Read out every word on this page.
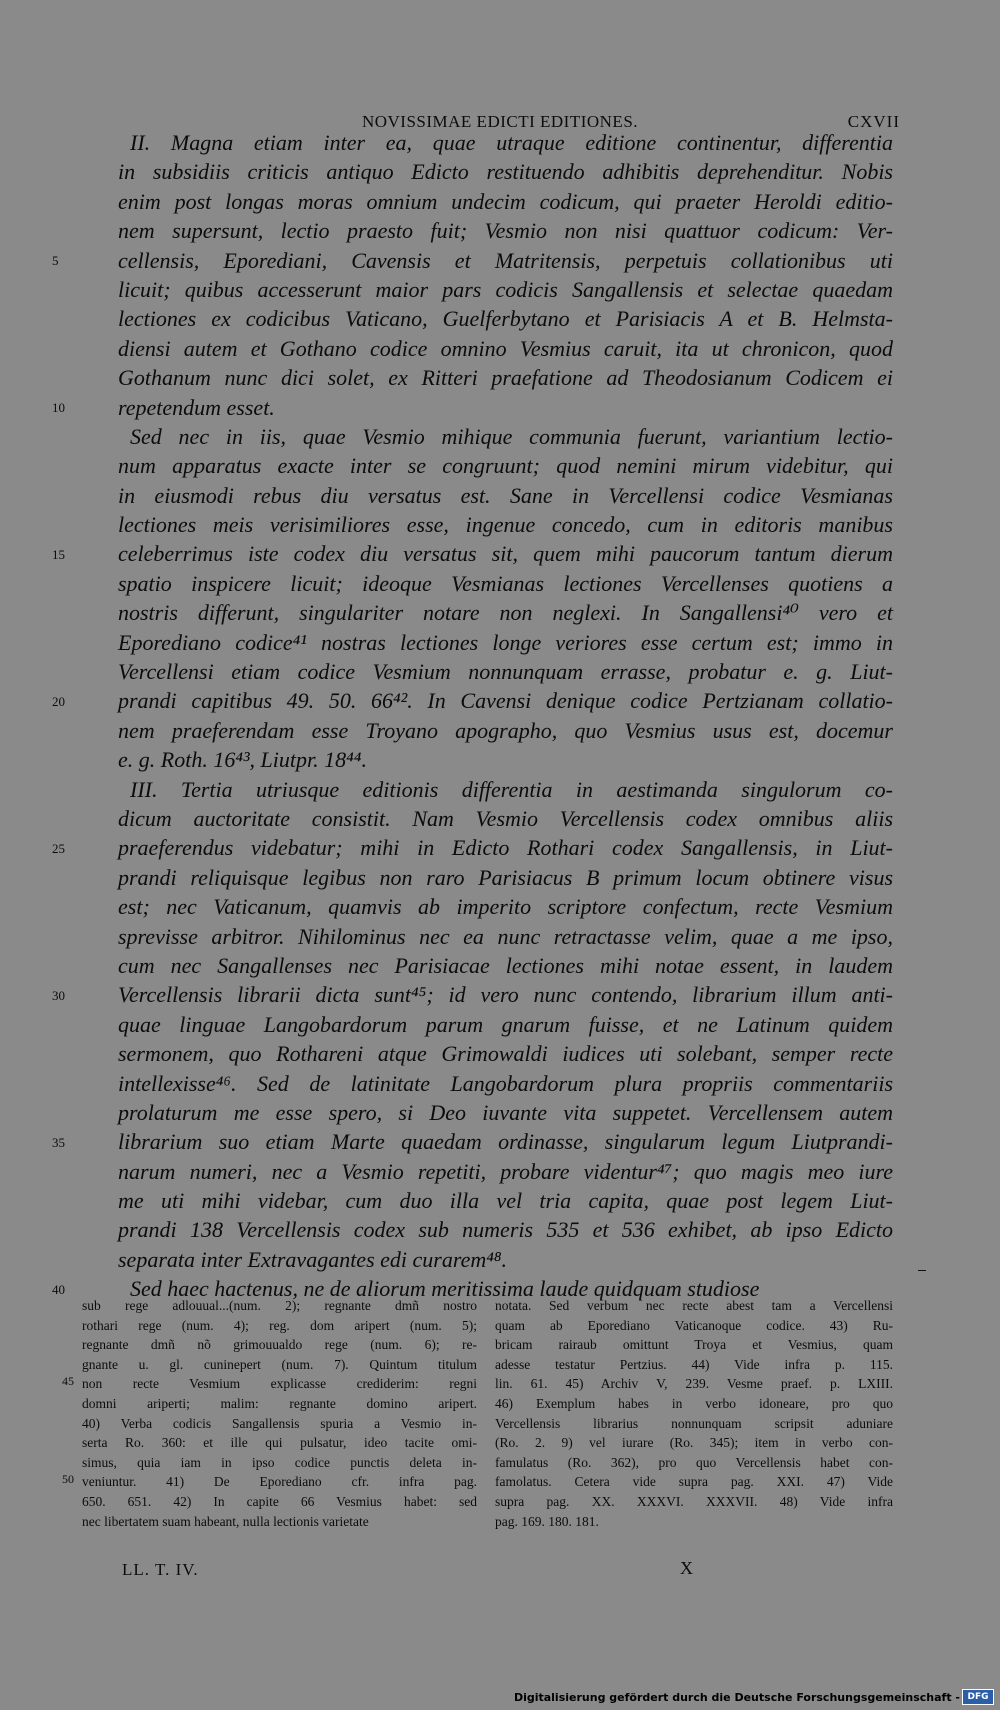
NOVISSIMAE EDICTI EDITIONES.	CXVII
II. Magna etiam inter ea, quae utraque editione continentur, differentia
in subsidiis criticis antiquo Edicto restituendo adhibitis deprehenditur. Nobis
enim post longas moras omnium undecim codicum, qui praeter Heroldi editio-
nem supersunt, lectio praesto fuit; Vesmio non nisi quattuor codicum: Ver-
cellensis, Eporediani, Cavensis et Matritensis, perpetuis collationibus uti
licuit; quibus accesserunt maior pars codicis Sangallensis et selectae quaedam
lectiones ex codicibus Vaticano, Guelferbytano et Parisiacis A et B. Helmsta-
diensi autem et Gothano codice omnino Vesmius caruit, ita ut chronicon, quod
Gothanum nunc dici solet, ex Ritteri praefatione ad Theodosianum Codicem ei
repetendum esset.
Sed nec in iis, quae Vesmio mihique communia fuerunt, variantium lectio-
num apparatus exacte inter se congruunt; quod nemini mirum videbitur, qui
in eiusmodi rebus diu versatus est. Sane in Vercellensi codice Vesmianas
lectiones meis verisimiliores esse, ingenue concedo, cum in editoris manibus
celeberrimus iste codex diu versatus sit, quem mihi paucorum tantum dierum
spatio inspicere licuit; ideoque Vesmianas lectiones Vercellenses quotiens a
nostris differunt, singulariter notare non neglexi. In Sangallensi⁴⁰ vero et
Eporediano codice⁴¹ nostras lectiones longe veriores esse certum est; immo in
Vercellensi etiam codice Vesmium nonnunquam errasse, probatur e. g. Liut-
prandi capitibus 49. 50. 66⁴². In Cavensi denique codice Pertzianam collatio-
nem praeferendam esse Troyano apographo, quo Vesmius usus est, docemur
e. g. Roth. 16⁴³, Liutpr. 18⁴⁴.
III. Tertia utriusque editionis differentia in aestimanda singulorum co-
dicum auctoritate consistit. Nam Vesmio Vercellensis codex omnibus aliis
praeferendus videbatur; mihi in Edicto Rothari codex Sangallensis, in Liut-
prandi reliquisque legibus non raro Parisiacus B primum locum obtinere visus
est; nec Vaticanum, quamvis ab imperito scriptore confectum, recte Vesmium
sprevisse arbitror. Nihilominus nec ea nunc retractasse velim, quae a me ipso,
cum nec Sangallenses nec Parisiacae lectiones mihi notae essent, in laudem
Vercellensis librarii dicta sunt⁴⁵; id vero nunc contendo, librarium illum anti-
quae linguae Langobardorum parum gnarum fuisse, et ne Latinum quidem
sermonem, quo Rothareni atque Grimowaldi iudices uti solebant, semper recte
intellexisse⁴⁶. Sed de latinitate Langobardorum plura propriis commentariis
prolaturum me esse spero, si Deo iuvante vita suppetet. Vercellensem autem
librarium suo etiam Marte quaedam ordinasse, singularum legum Liutprandi-
narum numeri, nec a Vesmio repetiti, probare videntur⁴⁷; quo magis meo iure
me uti mihi videbar, cum duo illa vel tria capita, quae post legem Liut-
prandi 138 Vercellensis codex sub numeris 535 et 536 exhibet, ab ipso Edicto
separata inter Extravagantes edi curarem⁴⁸.
Sed haec hactenus, ne de aliorum meritissima laude quidquam studiose
5
10
15
20
25
30
35
40
sub rege adlouual...(num. 2); regnante dmñ nostro
rothari rege (num. 4); reg. dom aripert (num. 5);
regnante dmñ nõ grimouualdo rege (num. 6); re-
gnante u. gl. cuninepert (num. 7). Quintum titulum
non recte Vesmium explicasse crediderim: regni
domni ariperti; malim: regnante domino aripert.
40) Verba codicis Sangallensis spuria a Vesmio in-
serta Ro. 360: et ille qui pulsatur, ideo tacite omi-
simus, quia iam in ipso codice punctis deleta in-
veniuntur. 41) De Eporediano cfr. infra pag.
650. 651. 42) In capite 66 Vesmius habet: sed
nec libertatem suam habeant, nulla lectionis varietate
45
50
notata. Sed verbum nec recte abest tam a Vercellensi
quam ab Eporediano Vaticanoque codice. 43) Ru-
bricam rairaub omittunt Troya et Vesmius, quam
adesse testatur Pertzius. 44) Vide infra p. 115.
lin. 61. 45) Archiv V, 239. Vesme praef. p. LXIII.
46) Exemplum habes in verbo idoneare, pro quo
Vercellensis librarius nonnunquam scripsit aduniare
(Ro. 2. 9) vel iurare (Ro. 345); item in verbo con-
famulatus (Ro. 362), pro quo Vercellensis habet con-
famolatus. Cetera vide supra pag. XXI. 47) Vide
supra pag. XX. XXXVI. XXXVII. 48) Vide infra
pag. 169. 180. 181.
LL. T. IV.	X
Digitalisierung gefördert durch die Deutsche Forschungsgemeinschaft - DFG
